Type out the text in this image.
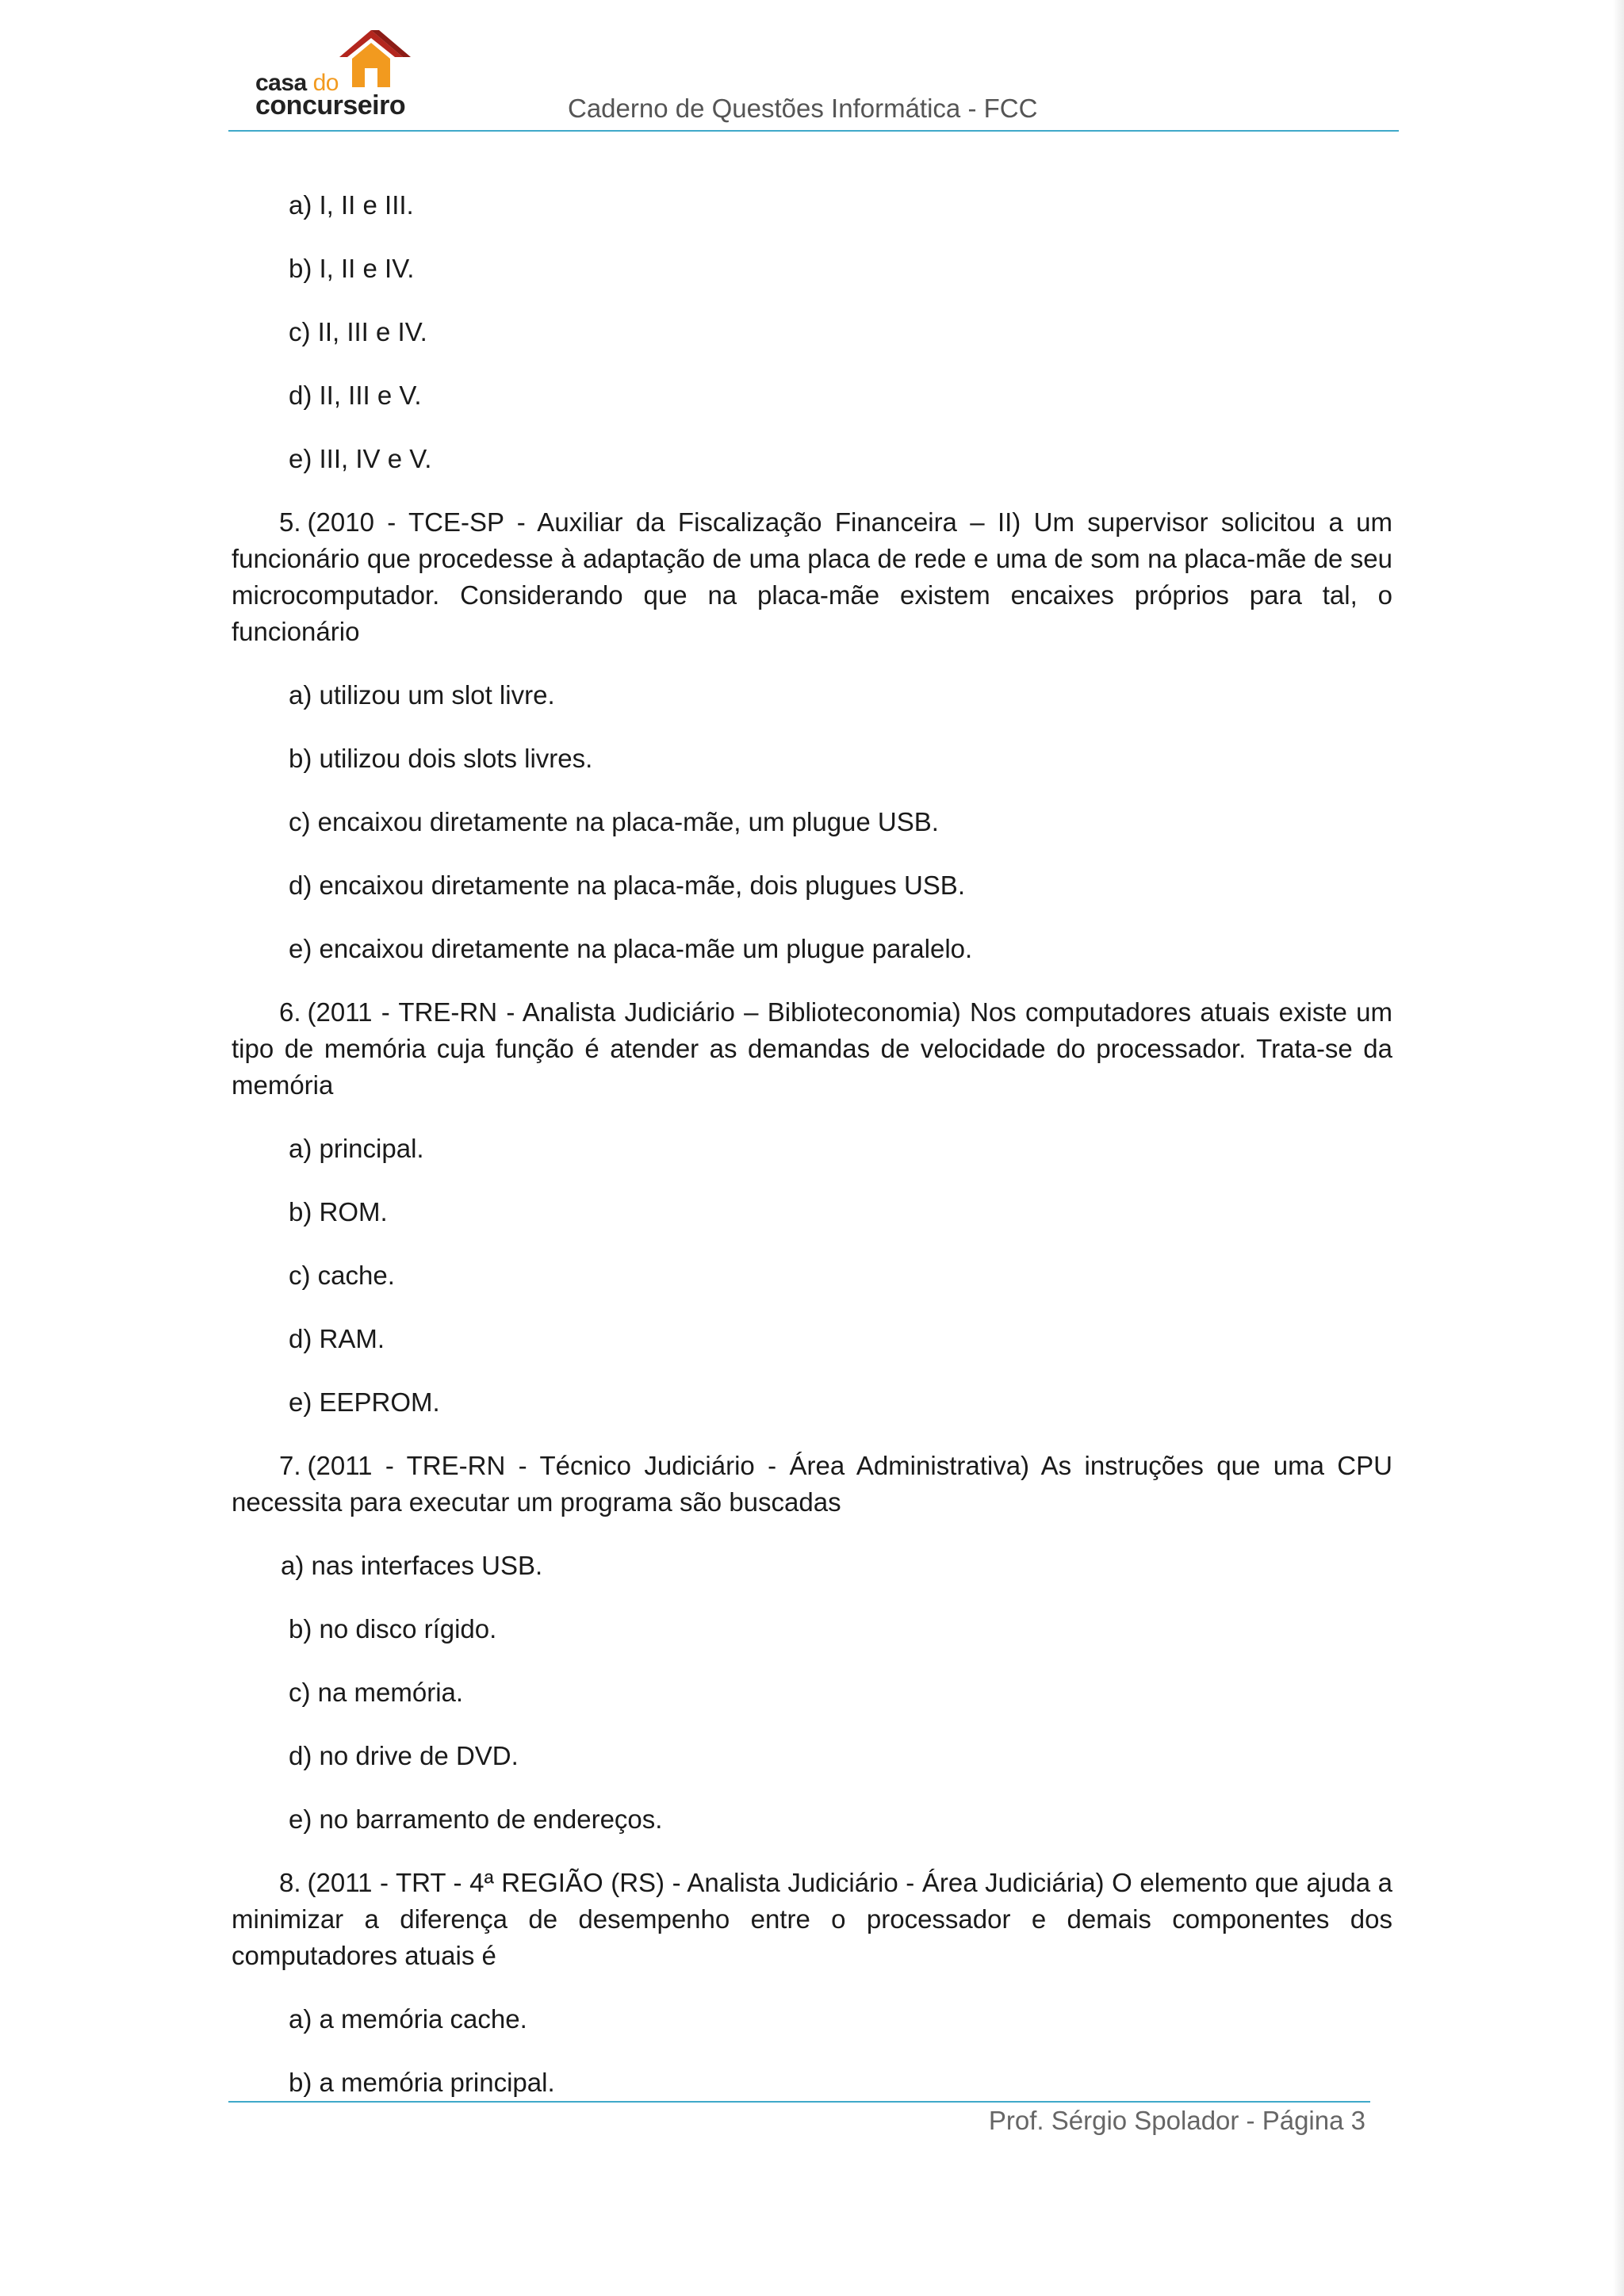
casa do
concurseiro	Caderno de Questões Informática - FCC
a) I, II e III.
b) I, II e IV.
c) II, III e IV.
d) II, III e V.
e) III, IV e V.

5. (2010 - TCE-SP - Auxiliar da Fiscalização Financeira – II) Um supervisor solicitou a um funcionário que procedesse à adaptação de uma placa de rede e uma de som na placa-mãe de seu microcomputador. Considerando que na placa-mãe existem encaixes próprios para tal, o funcionário

a) utilizou um slot livre.
b) utilizou dois slots livres.
c) encaixou diretamente na placa-mãe, um plugue USB.
d) encaixou diretamente na placa-mãe, dois plugues USB.
e) encaixou diretamente na placa-mãe um plugue paralelo.

6. (2011 - TRE-RN - Analista Judiciário – Biblioteconomia) Nos computadores atuais existe um tipo de memória cuja função é atender as demandas de velocidade do processador. Trata-se da memória

a) principal.
b) ROM.
c) cache.
d) RAM.
e) EEPROM.

7. (2011 - TRE-RN - Técnico Judiciário - Área Administrativa) As instruções que uma CPU necessita para executar um programa são buscadas

a) nas interfaces USB.
b) no disco rígido.
c) na memória.
d) no drive de DVD.
e) no barramento de endereços.

8. (2011 - TRT - 4ª REGIÃO (RS) - Analista Judiciário - Área Judiciária) O elemento que ajuda a minimizar a diferença de desempenho entre o processador e demais componentes dos computadores atuais é

a) a memória cache.
b) a memória principal.
Prof. Sérgio Spolador - Página 3
